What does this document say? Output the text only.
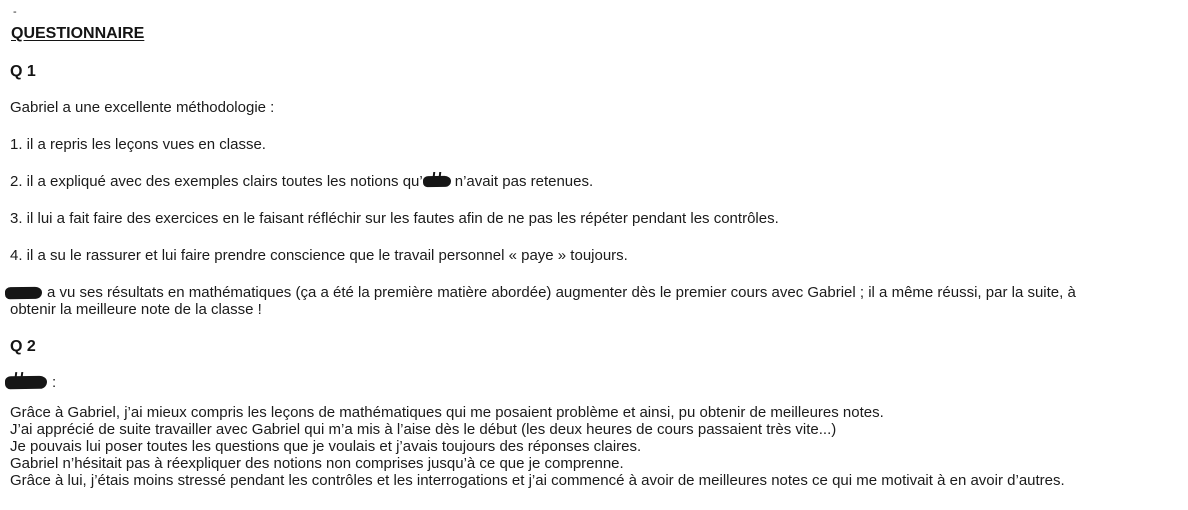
-
QUESTIONNAIRE
Q 1

Gabriel a une excellente méthodologie :

1. il a repris les leçons vues en classe.

2. il a expliqué avec des exemples clairs toutes les notions qu’ n’avait pas retenues.

3. il lui a fait faire des exercices en le faisant réfléchir sur les fautes afin de ne pas les répéter pendant les contrôles.

4. il a su le rassurer et lui faire prendre conscience que le travail personnel « paye » toujours.

a vu ses résultats en mathématiques (ça a été la première matière abordée) augmenter dès le premier cours avec Gabriel ; il a même réussi, par la suite, à
obtenir la meilleure note de la classe !

Q 2

:

Grâce à Gabriel, j’ai mieux compris les leçons de mathématiques qui me posaient problème et ainsi, pu obtenir de meilleures notes.
J’ai apprécié de suite travailler avec Gabriel qui m’a mis à l’aise dès le début (les deux heures de cours passaient très vite...)
Je pouvais lui poser toutes les questions que je voulais et j’avais toujours des réponses claires.
Gabriel n’hésitait pas à réexpliquer des notions non comprises jusqu’à ce que je comprenne.
Grâce à lui, j’étais moins stressé pendant les contrôles et les interrogations et j’ai commencé à avoir de meilleures notes ce qui me motivait à en avoir d’autres.
